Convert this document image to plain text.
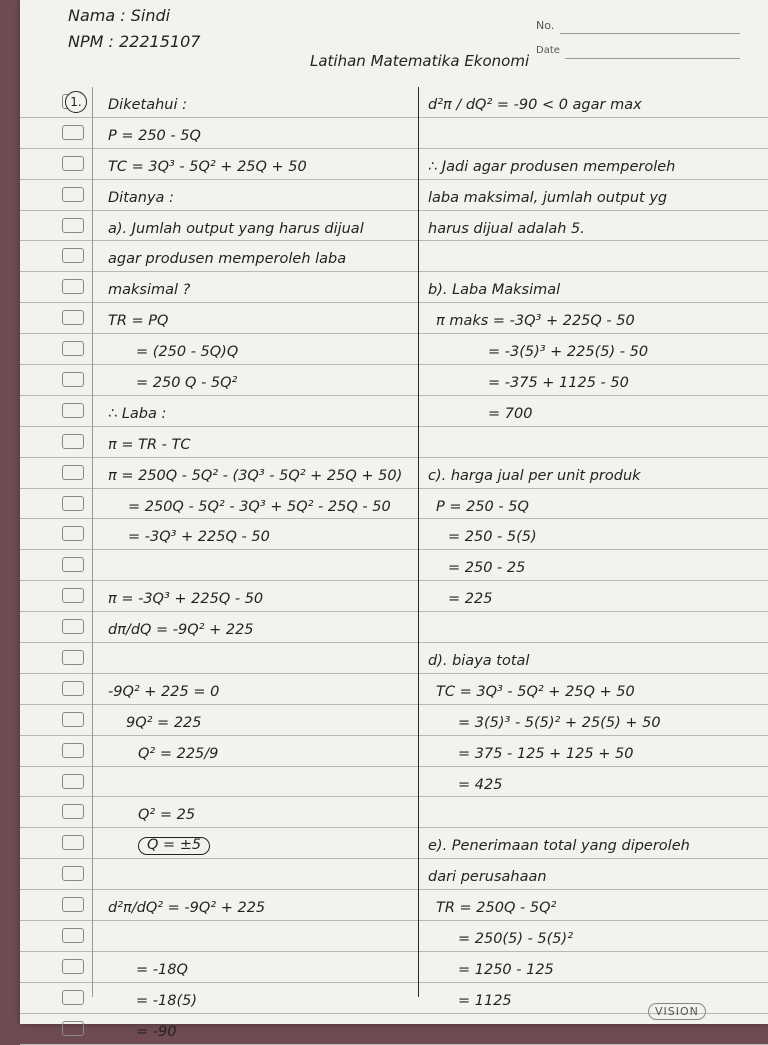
Nama : Sindi
NPM : 22215107
No.
Date
Latihan Matematika Ekonomi
Diketahui :	d²π / dQ² = -90 < 0 agar max
1.
P = 250 - 5Q
TC = 3Q³ - 5Q² + 25Q + 50	∴ Jadi agar produsen memperoleh
Ditanya :	laba maksimal, jumlah output yg
a). Jumlah output yang harus dijual	harus dijual adalah 5.
agar produsen memperoleh laba
maksimal ?	b). Laba Maksimal
TR = PQ	π maks = -3Q³ + 225Q - 50
= (250 - 5Q)Q	= -3(5)³ + 225(5) - 50
= 250 Q - 5Q²	= -375 + 1125 - 50
∴ Laba :	= 700
π = TR - TC
π = 250Q - 5Q² - (3Q³ - 5Q² + 25Q + 50) c). harga jual per unit produk
= 250Q - 5Q² - 3Q³ + 5Q² - 25Q - 50	P = 250 - 5Q
= -3Q³ + 225Q - 50	= 250 - 5(5)
= 250 - 25
π = -3Q³ + 225Q - 50	= 225
dπ/dQ = -9Q² + 225
d). biaya total
-9Q² + 225 = 0	TC = 3Q³ - 5Q² + 25Q + 50
9Q² = 225	= 3(5)³ - 5(5)² + 25(5) + 50
Q² = 225/9	= 375 - 125 + 125 + 50
= 425
Q² = 25
Q = ±5	e). Penerimaan total yang diperoleh
dari perusahaan
d²π/dQ² = -9Q² + 225	TR = 250Q - 5Q²
= 250(5) - 5(5)²
= -18Q	= 1250 - 125
= -18(5)	= 1125
= -90
VISION
